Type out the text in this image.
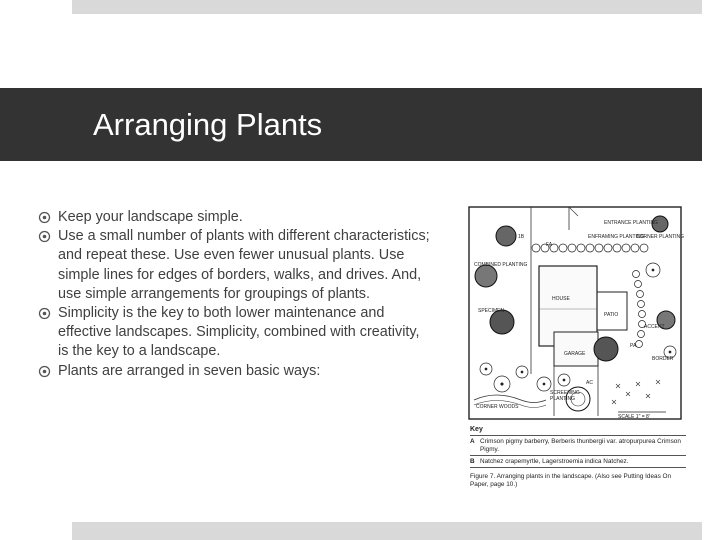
Arranging Plants
Keep your landscape simple.
Use a small number of plants with different characteristics; and repeat these. Use even fewer unusual plants. Use simple lines for edges of borders, walks, and drives. And, use simple arrangements for groupings of plants.
Simplicity is the key to both lower maintenance and effective landscapes. Simplicity, combined with creativity, is the key to a landscape.
Plants are arranged in seven basic ways:
1B
FA
ENTRANCE PLANTING
ENFRAMING PLANTING
CORNER PLANTING
COMBINED PLANTING
SPECIMEN
HOUSE
PATIO
ACCENT
GARAGE
BORDER
PA
AC
SCREENING PLANTING
CORNER WOODS
SCALE 1" = 8'
Key
A Crimson pigmy barberry, Berberis thunbergii var. atropurpurea Crimson Pigmy.
B Natchez crapemyrtle, Lagerstroemia indica Natchez.
Figure 7. Arranging plants in the landscape. (Also see Putting Ideas On Paper, page 10.)
